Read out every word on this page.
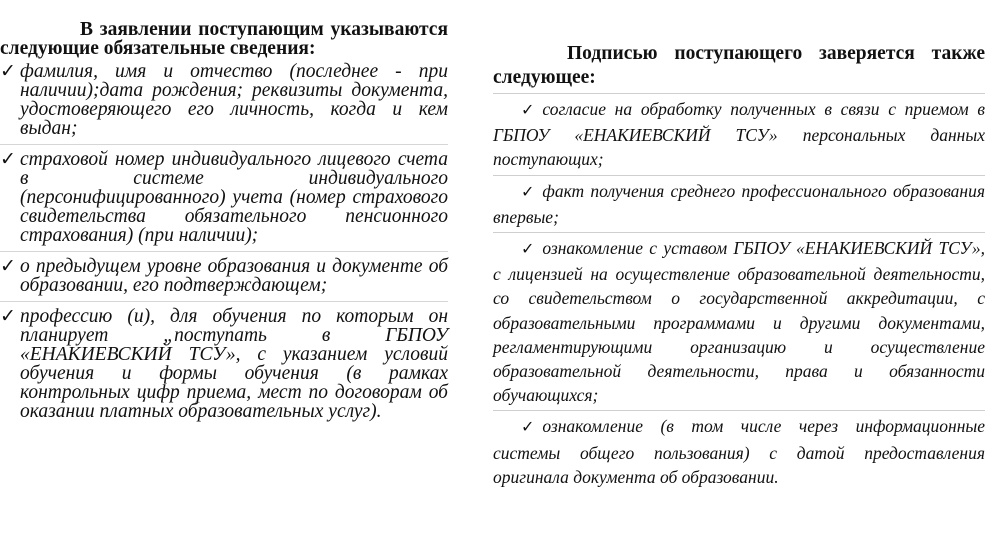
В заявлении поступающим указываются следующие обязательные сведения:
✓ фамилия, имя и отчество (последнее - при наличии);дата рождения; реквизиты документа, удостоверяющего его личность, когда и кем выдан;
✓ страховой номер индивидуального лицевого счета в системе индивидуального (персонифицированного) учета (номер страхового свидетельства обязательного пенсионного страхования) (при наличии);
✓ о предыдущем уровне образования и документе об образовании, его подтверждающем;
✓ профессию (и), для обучения по которым он планирует „поступать в ГБПОУ «ЕНАКИЕВСКИЙ ТСУ», с указанием условий обучения и формы обучения (в рамках контрольных цифр приема, мест по договорам об оказании платных образовательных услуг).
Подписью поступающего заверяется также следующее:
✓ согласие на обработку полученных в связи с приемом в ГБПОУ «ЕНАКИЕВСКИЙ ТСУ» персональных данных поступающих;
✓ факт получения среднего профессионального образования впервые;
✓ ознакомление с уставом ГБПОУ «ЕНАКИЕВСКИЙ ТСУ», с лицензией на осуществление образовательной деятельности, со свидетельством о государственной аккредитации, с образовательными программами и другими документами, регламентирующими организацию и осуществление образовательной деятельности, права и обязанности обучающихся;
✓ ознакомление (в том числе через информационные системы общего пользования) с датой предоставления оригинала документа об образовании.
